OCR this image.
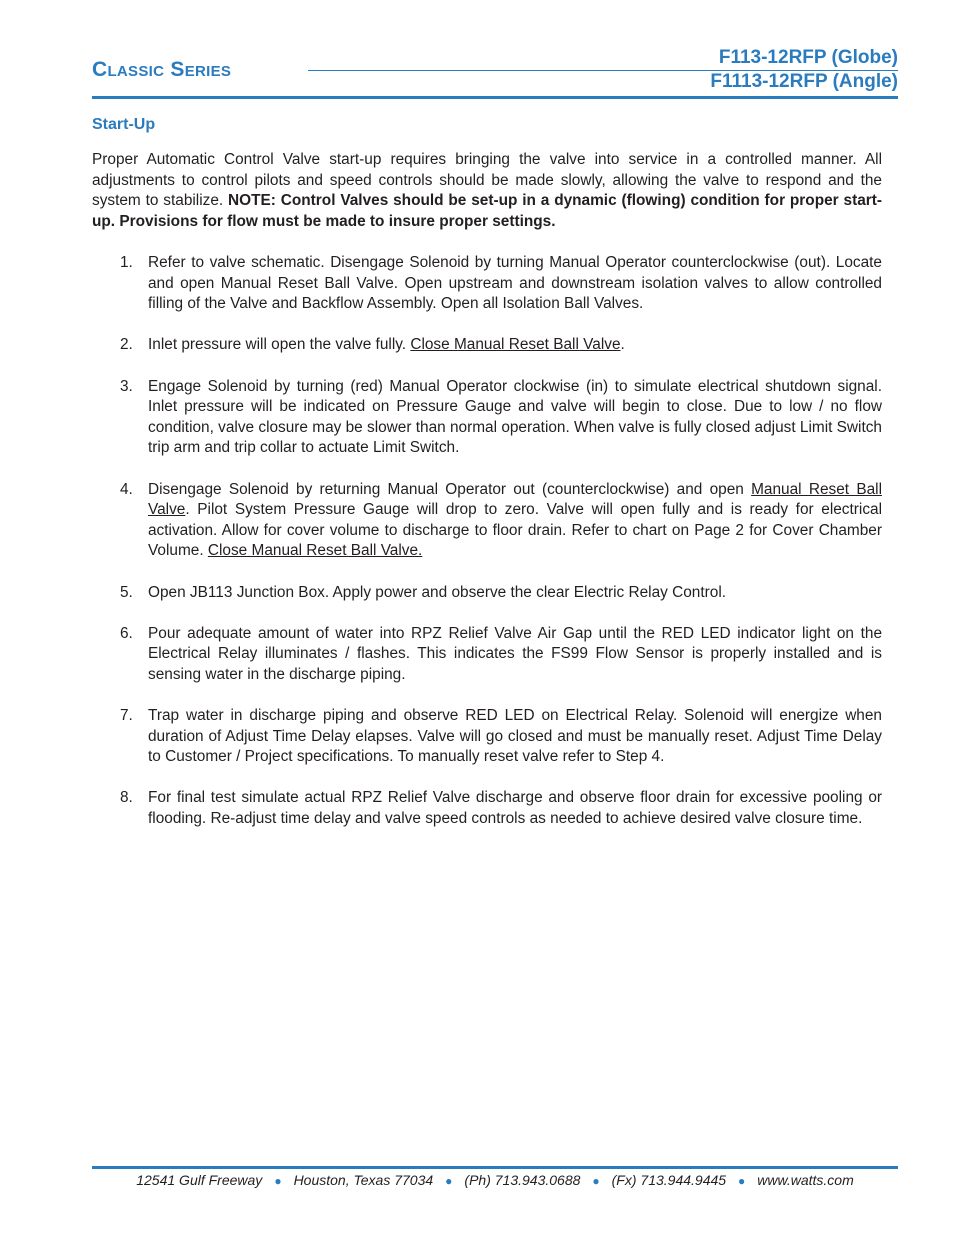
Classic Series
F113-12RFP (Globe)
F1113-12RFP (Angle)
Start-Up

Proper Automatic Control Valve start-up requires bringing the valve into service in a controlled manner. All adjustments to control pilots and speed controls should be made slowly, allowing the valve to respond and the system to stabilize. NOTE: Control Valves should be set-up in a dynamic (flowing) condition for proper start-up. Provisions for flow must be made to insure proper settings.

1. Refer to valve schematic. Disengage Solenoid by turning Manual Operator counterclockwise (out). Locate and open Manual Reset Ball Valve. Open upstream and downstream isolation valves to allow controlled filling of the Valve and Backflow Assembly. Open all Isolation Ball Valves.
2. Inlet pressure will open the valve fully. Close Manual Reset Ball Valve.
3. Engage Solenoid by turning (red) Manual Operator clockwise (in) to simulate electrical shutdown signal. Inlet pressure will be indicated on Pressure Gauge and valve will begin to close. Due to low / no flow condition, valve closure may be slower than normal operation. When valve is fully closed adjust Limit Switch trip arm and trip collar to actuate Limit Switch.
4. Disengage Solenoid by returning Manual Operator out (counterclockwise) and open Manual Reset Ball Valve. Pilot System Pressure Gauge will drop to zero. Valve will open fully and is ready for electrical activation. Allow for cover volume to discharge to floor drain. Refer to chart on Page 2 for Cover Chamber Volume. Close Manual Reset Ball Valve.
5. Open JB113 Junction Box. Apply power and observe the clear Electric Relay Control.
6. Pour adequate amount of water into RPZ Relief Valve Air Gap until the RED LED indicator light on the Electrical Relay illuminates / flashes. This indicates the FS99 Flow Sensor is properly installed and is sensing water in the discharge piping.
7. Trap water in discharge piping and observe RED LED on Electrical Relay. Solenoid will energize when duration of Adjust Time Delay elapses. Valve will go closed and must be manually reset. Adjust Time Delay to Customer / Project specifications. To manually reset valve refer to Step 4.
8. For final test simulate actual RPZ Relief Valve discharge and observe floor drain for excessive pooling or flooding. Re-adjust time delay and valve speed controls as needed to achieve desired valve closure time.
12541 Gulf Freeway ● Houston, Texas 77034 ● (Ph) 713.943.0688 ● (Fx) 713.944.9445 ● www.watts.com
